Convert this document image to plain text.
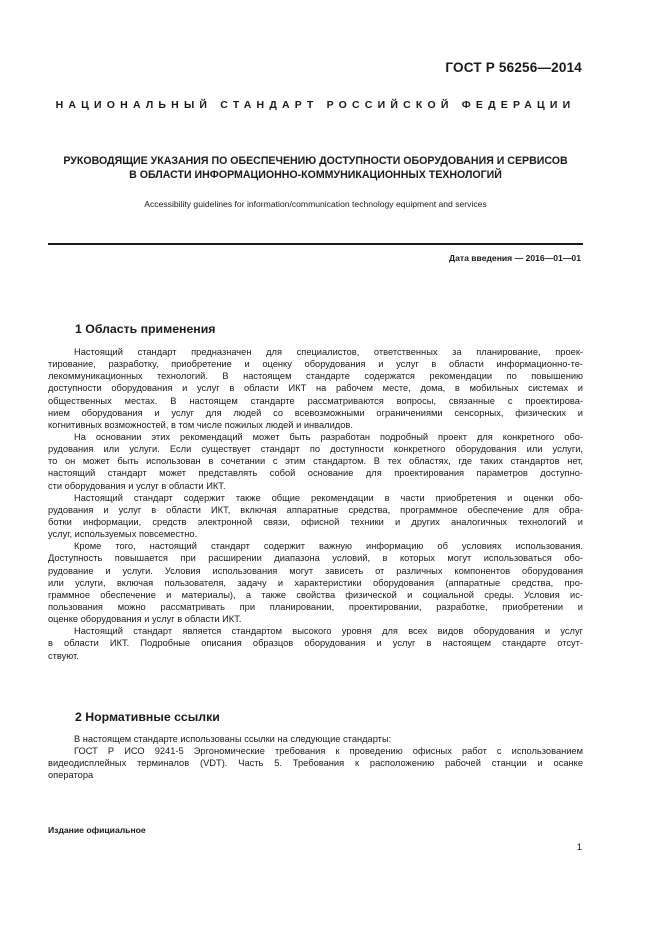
ГОСТ Р 56256—2014
НАЦИОНАЛЬНЫЙ СТАНДАРТ РОССИЙСКОЙ ФЕДЕРАЦИИ
РУКОВОДЯЩИЕ УКАЗАНИЯ ПО ОБЕСПЕЧЕНИЮ ДОСТУПНОСТИ ОБОРУДОВАНИЯ И СЕРВИСОВ
В ОБЛАСТИ ИНФОРМАЦИОННО-КОММУНИКАЦИОННЫХ ТЕХНОЛОГИЙ
Accessibility guidelines for information/communication technology equipment and services
Дата введения — 2016—01—01
1 Область применения
Настоящий стандарт предназначен для специалистов, ответственных за планирование, проек-
тирование, разработку, приобретение и оценку оборудования и услуг в области информационно-те-
лекоммуникационных технологий. В настоящем стандарте содержатся рекомендации по повышению
доступности оборудования и услуг в области ИКТ на рабочем месте, дома, в мобильных системах и
общественных местах. В настоящем стандарте рассматриваются вопросы, связанные с проектирова-
нием оборудования и услуг для людей со всевозможными ограничениями сенсорных, физических и
когнитивных возможностей, в том числе пожилых людей и инвалидов.
На основании этих рекомендаций может быть разработан подробный проект для конкретного обо-
рудования или услуги. Если существует стандарт по доступности конкретного оборудования или услуги,
то он может быть использован в сочетании с этим стандартом. В тех областях, где таких стандартов нет,
настоящий стандарт может представлять собой основание для проектирования параметров доступно-
сти оборудования и услуг в области ИКТ.
Настоящий стандарт содержит также общие рекомендации в части приобретения и оценки обо-
рудования и услуг в области ИКТ, включая аппаратные средства, программное обеспечение для обра-
ботки информации, средств электронной связи, офисной техники и других аналогичных технологий и
услуг, используемых повсеместно.
Кроме того, настоящий стандарт содержит важную информацию об условиях использования.
Доступность повышается при расширении диапазона условий, в которых могут использоваться обо-
рудование и услуги. Условия использования могут зависеть от различных компонентов оборудования
или услуги, включая пользователя, задачу и характеристики оборудования (аппаратные средства, про-
граммное обеспечение и материалы), а также свойства физической и социальной среды. Условия ис-
пользования можно рассматривать при планировании, проектировании, разработке, приобретении и
оценке оборудования и услуг в области ИКТ.
Настоящий стандарт является стандартом высокого уровня для всех видов оборудования и услуг
в области ИКТ. Подробные описания образцов оборудования и услуг в настоящем стандарте отсут-
ствуют.
2 Нормативные ссылки
В настоящем стандарте использованы ссылки на следующие стандарты:
ГОСТ Р ИСО 9241-5 Эргономические требования к проведению офисных работ с использованием
видеодисплейных терминалов (VDT). Часть 5. Требования к расположению рабочей станции и осанке
оператора
Издание официальное
1
